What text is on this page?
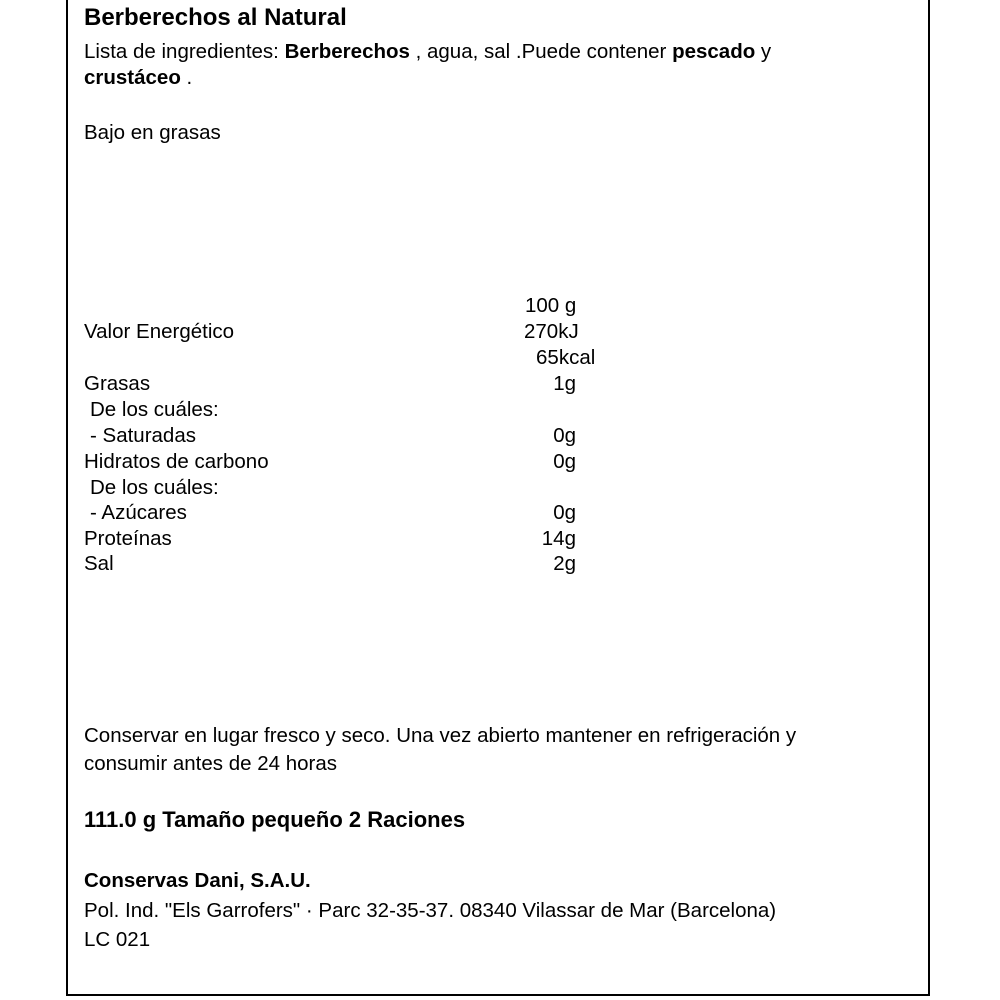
Berberechos al Natural

Lista de ingredientes: Berberechos , agua, sal .Puede contener pescado y

crustáceo .

Bajo en grasas

100 g

Valor Energético	270kJ

65kcal

Grasas	1g

De los cuáles:

- Saturadas	0g

Hidratos de carbono	0g

De los cuáles:

- Azúcares	0g

Proteínas	14g

Sal	2g

Conservar en lugar fresco y seco. Una vez abierto mantener en refrigeración y

consumir antes de 24 horas

111.0 g Tamaño pequeño 2 Raciones

Conservas Dani, S.A.U.

Pol. Ind. "Els Garrofers" · Parc 32-35-37. 08340 Vilassar de Mar (Barcelona)

LC 021
